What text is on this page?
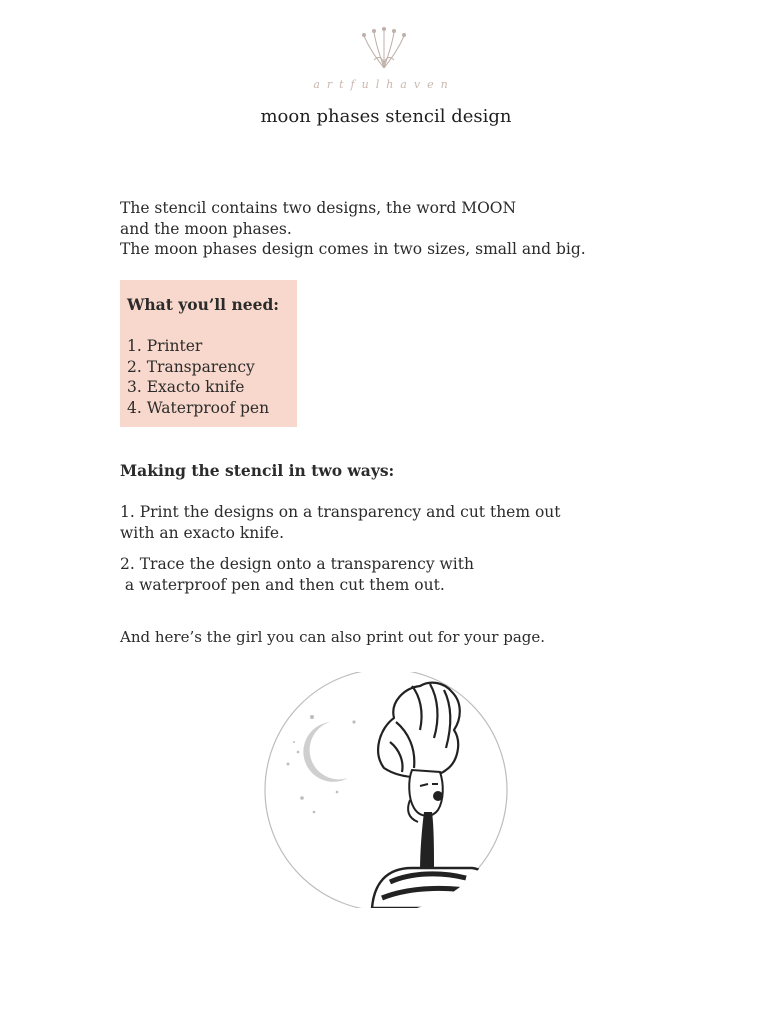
artfulhaven
moon phases stencil design
The stencil contains two designs, the word MOON
and the moon phases.
The moon phases design comes in two sizes, small and big.
What you’ll need:
1. Printer
2. Transparency
3. Exacto knife
4. Waterproof pen
Making the stencil in two ways:
1. Print the designs on a transparency and cut them out
with an exacto knife.
2. Trace the design onto a transparency with
a waterproof pen and then cut them out.
And here’s the girl you can also print out for your page.
